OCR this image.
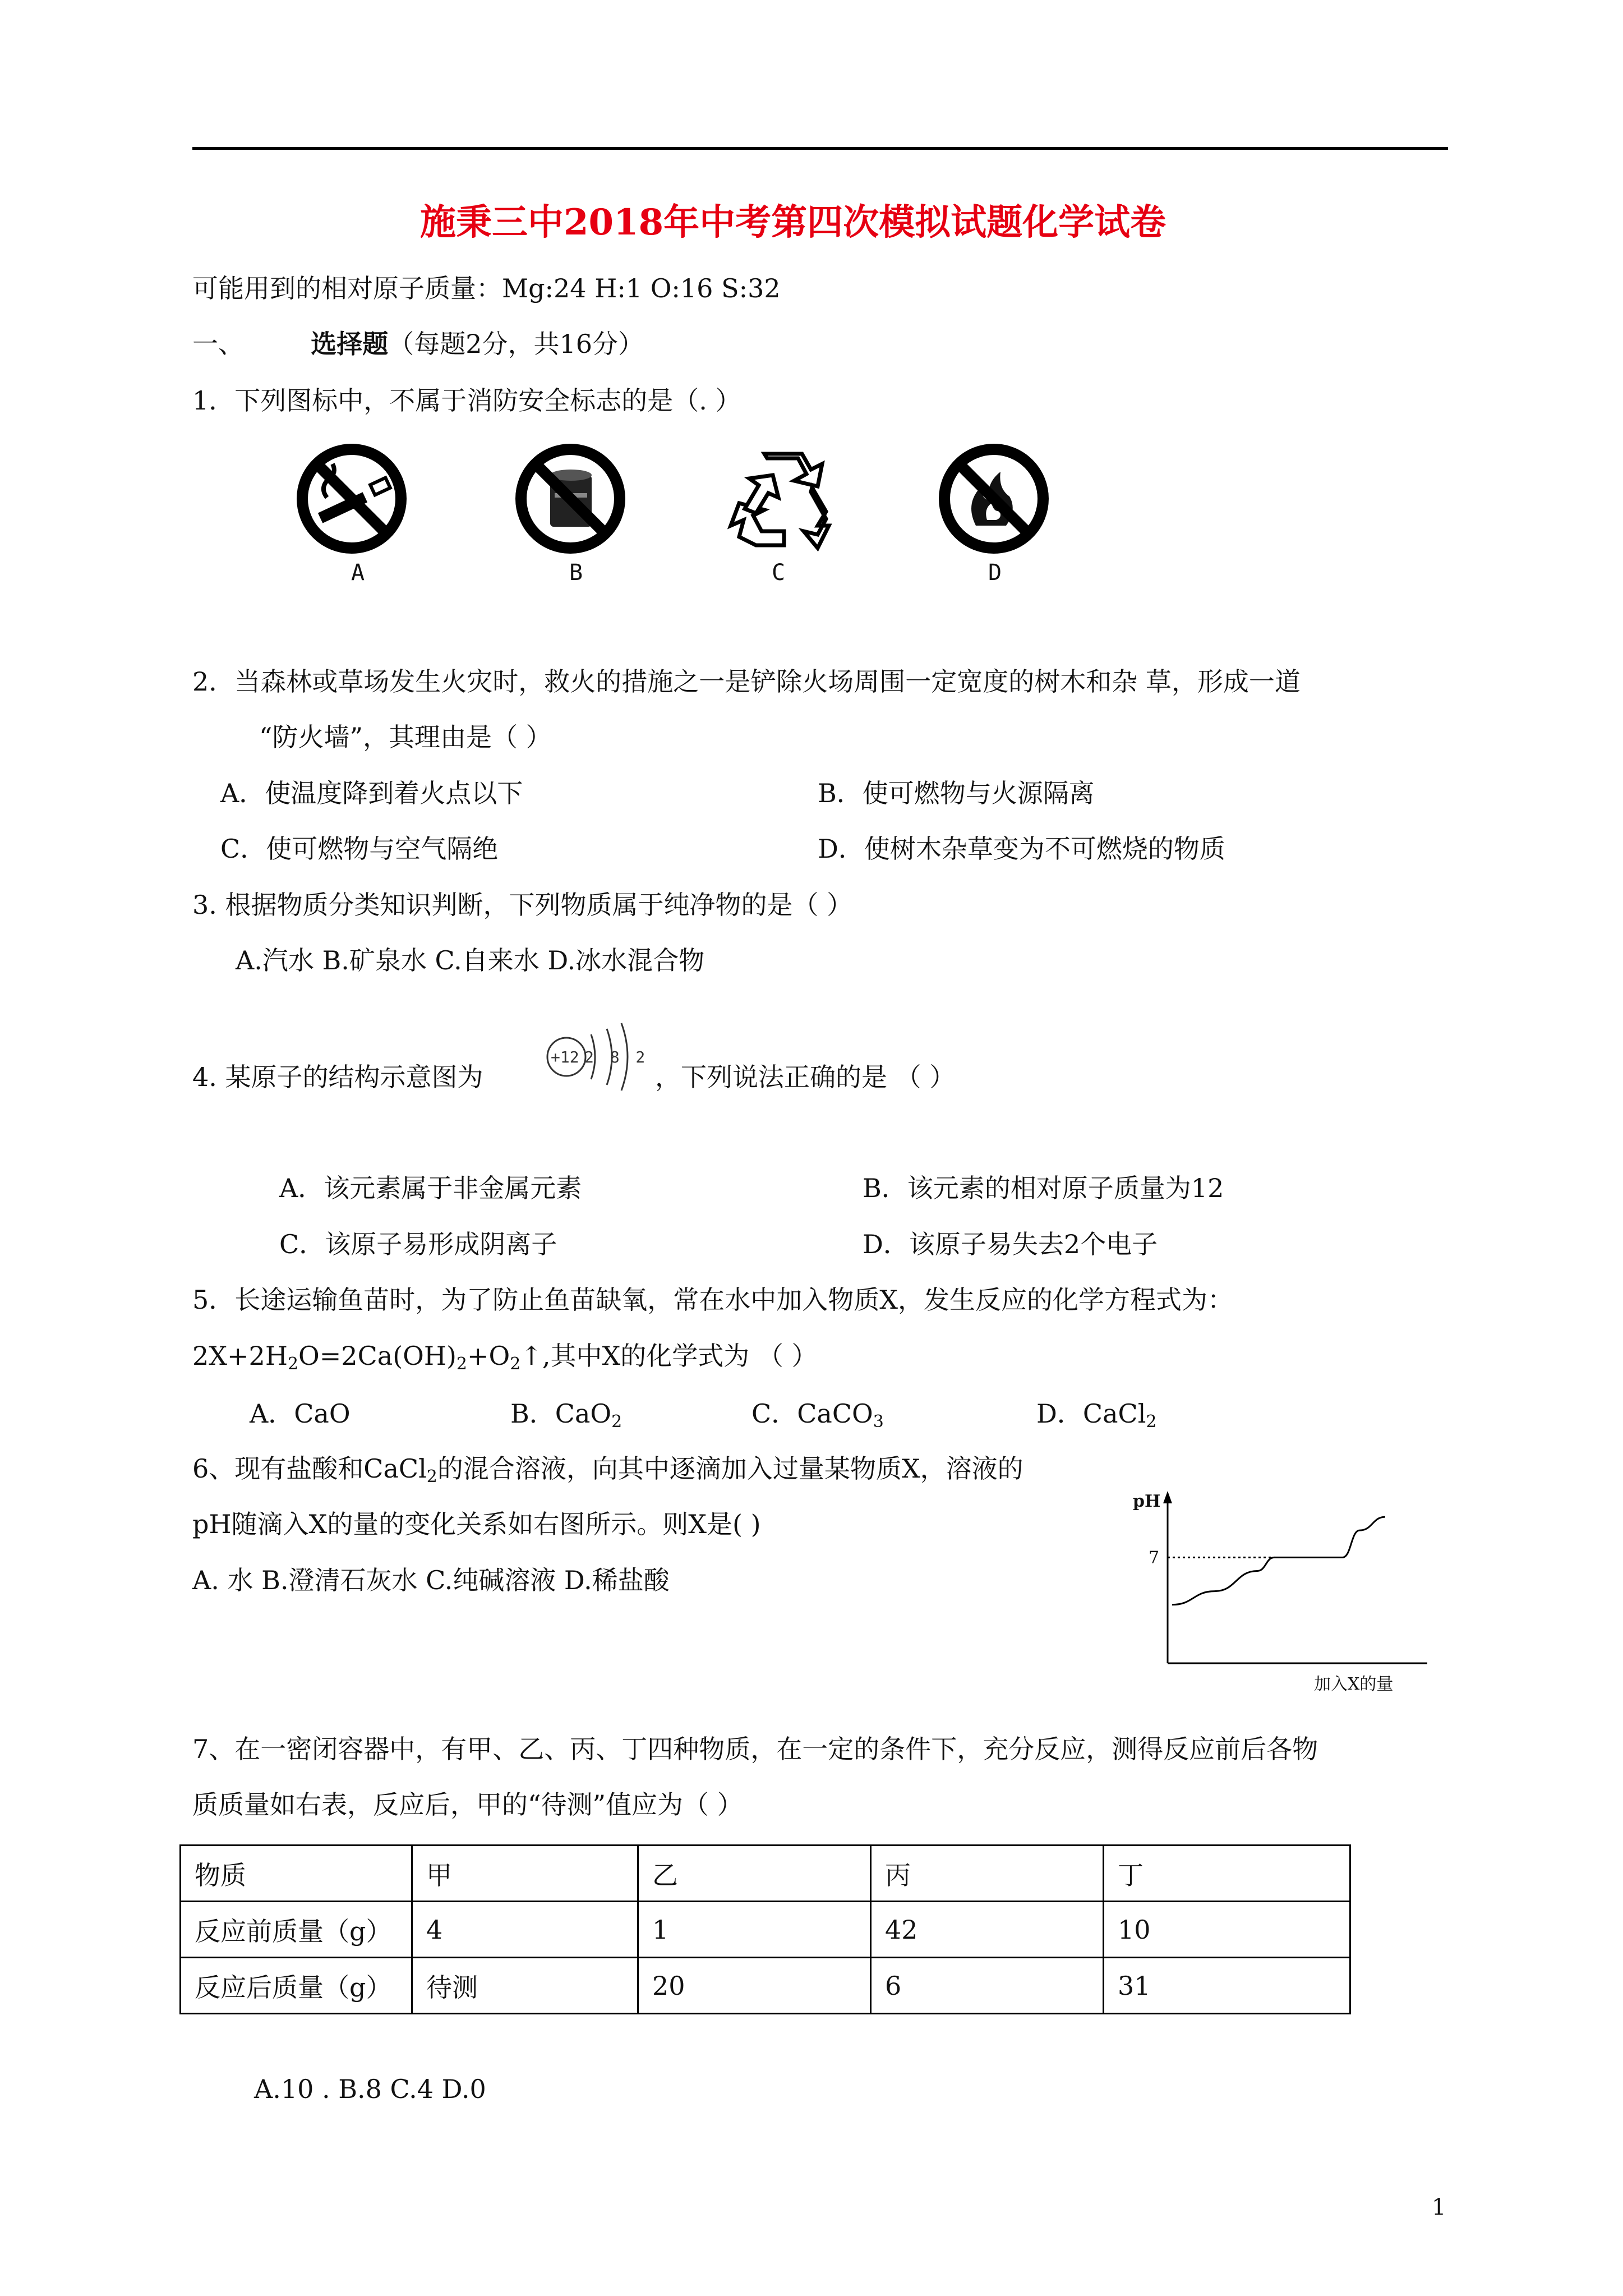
施秉三中2018年中考第四次模拟试题化学试卷
可能用到的相对原子质量：Mg:24 H:1 O:16 S:32
一、	选择题（每题2分，共16分）
1．下列图标中，不属于消防安全标志的是（. ）
A	B	C	D
2．当森林或草场发生火灾时，救火的措施之一是铲除火场周围一定宽度的树木和杂 草，形成一道
“防火墙”，其理由是（ ）
A．使温度降到着火点以下	B．使可燃物与火源隔离
C．使可燃物与空气隔绝	D．使树木杂草变为不可燃烧的物质
3. 根据物质分类知识判断，下列物质属于纯净物的是（ ）
A.汽水 B.矿泉水 C.自来水 D.冰水混合物
4. 某原子的结构示意图为
+12 2 8 2
，下列说法正确的是 （ ）
A．该元素属于非金属元素	B．该元素的相对原子质量为12
C．该原子易形成阴离子	D．该原子易失去2个电子
5．长途运输鱼苗时，为了防止鱼苗缺氧，常在水中加入物质X，发生反应的化学方程式为：
$2X+2H_2O=2Ca(OH)_2+O_2↑$,其中X的化学式为 （ ）
A．CaO	B．CaO$_2$	C．CaCO$_3$	D．CaCl$_2$
6、现有盐酸和CaCl$_2$的混合溶液，向其中逐滴加入过量某物质X，溶液的
pH随滴入X的量的变化关系如右图所示。则X是( )
A. 水 B.澄清石灰水 C.纯碱溶液 D.稀盐酸
pH
7
加入X的量
7、在一密闭容器中，有甲、乙、丙、丁四种物质，在一定的条件下，充分反应，测得反应前后各物
质质量如右表，反应后，甲的“待测”值应为（ ）
物质	甲	乙	丙	丁
反应前质量（g）	4	1	42	10
反应后质量（g）	待测	20	6	31
A.10 . B.8 C.4 D.0
1
